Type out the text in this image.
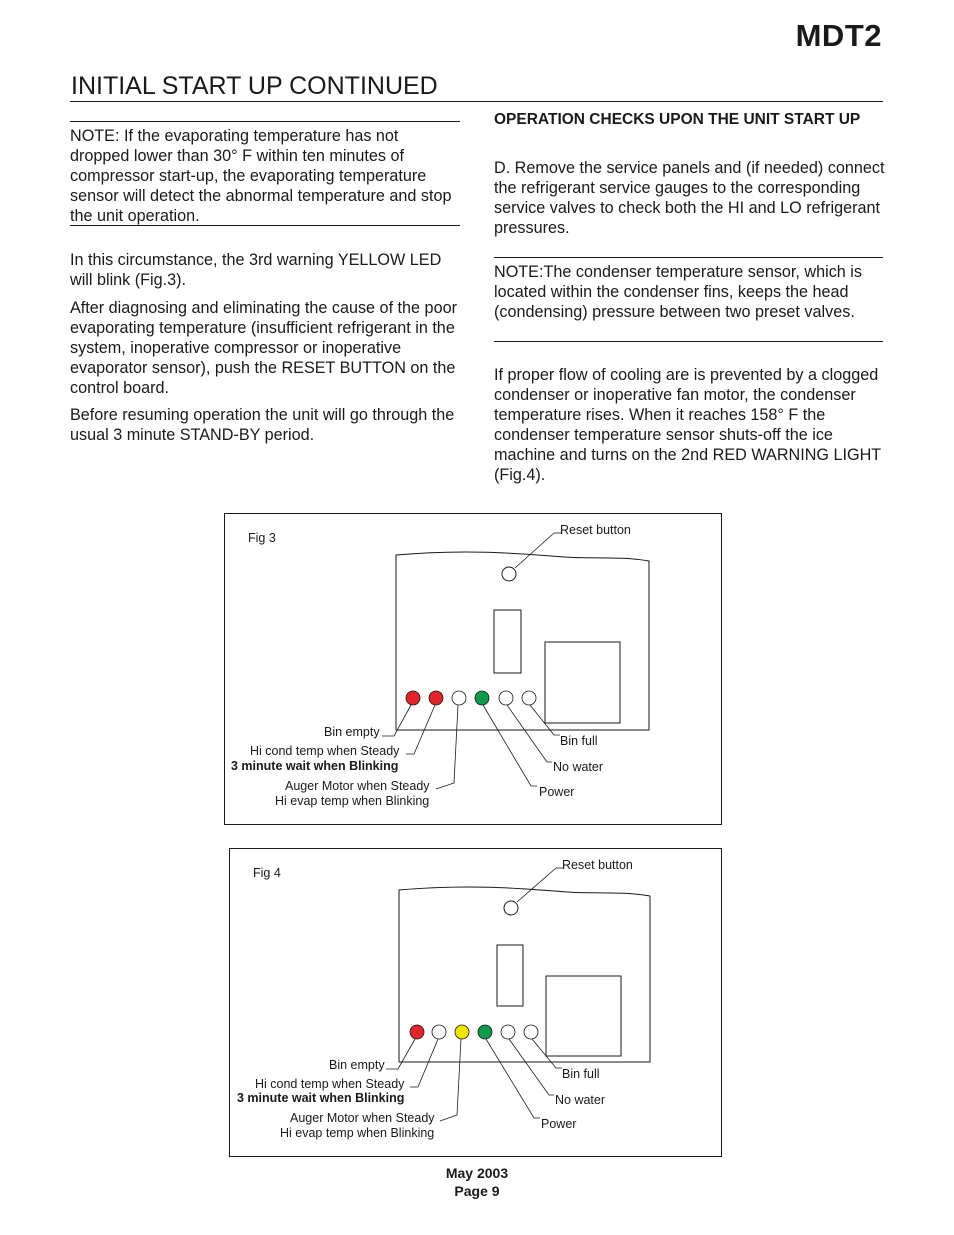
MDT2
INITIAL START UP CONTINUED

NOTE: If the evaporating temperature has not dropped lower than 30° F within ten minutes of compressor start-up, the evaporating temperature sensor will detect the abnormal temperature and stop the unit operation.

In this circumstance, the 3rd warning YELLOW LED will blink (Fig.3).

After diagnosing and eliminating the cause of the poor evaporating temperature (insufficient refrigerant in the system, inoperative compressor or inoperative evaporator sensor), push the RESET BUTTON on the control board.

Before resuming operation the unit will go through the usual 3 minute STAND-BY period.

OPERATION CHECKS UPON THE UNIT START UP

D. Remove the service panels and (if needed) connect the refrigerant service gauges to the corresponding service valves to check both the HI and LO refrigerant pressures.

NOTE:The condenser temperature sensor, which is located within the condenser fins, keeps the head (condensing) pressure between two preset valves.

If proper flow of cooling are is prevented by a clogged condenser or inoperative fan motor, the condenser temperature rises. When it reaches 158° F the condenser temperature sensor shuts-off the ice machine and turns on the 2nd RED WARNING LIGHT (Fig.4).

Fig 3
Reset button
Bin empty
Hi cond temp when Steady
3 minute wait when Blinking
Auger Motor when Steady
Hi evap temp when Blinking
Bin full
No water
Power
Fig 4
Reset button
Bin empty
Hi cond temp when Steady
3 minute wait when Blinking
Auger Motor when Steady
Hi evap temp when Blinking
Bin full
No water
Power
May 2003
Page 9
